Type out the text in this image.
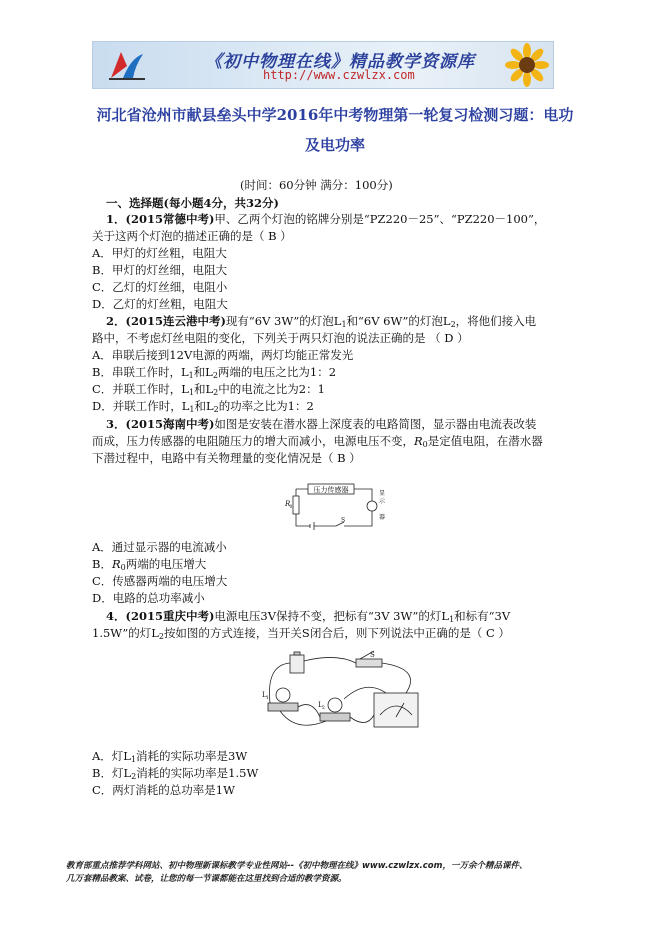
《初中物理在线》精品教学资源库
http://www.czwlzx.com
河北省沧州市献县垒头中学2016年中考物理第一轮复习检测习题：电功
及电功率
(时间：60分钟 满分：100分)
一、选择题(每小题4分，共32分)
1．(2015常德中考)甲、乙两个灯泡的铭牌分别是“PZ220－25”、“PZ220－100”，
关于这两个灯泡的描述正确的是（ B ）
A．甲灯的灯丝粗，电阻大
B．甲灯的灯丝细，电阻大
C．乙灯的灯丝细，电阻小
D．乙灯的灯丝粗，电阻大
2．(2015连云港中考)现有“6V 3W”的灯泡$L_1$和“6V 6W”的灯泡$L_2$，将他们接入电
路中，不考虑灯丝电阻的变化，下列关于两只灯泡的说法正确的是 （ D ）
A．串联后接到12V电源的两端，两灯均能正常发光
B．串联工作时，$L_1$和$L_2$两端的电压之比为1：2
C．并联工作时，$L_1$和$L_2$中的电流之比为2：1
D．并联工作时，$L_1$和$L_2$的功率之比为1：2
3．(2015海南中考)如图是安装在潜水器上深度表的电路简图，显示器由电流表改装
而成，压力传感器的电阻随压力的增大而减小，电源电压不变，$R_0$是定值电阻，在潜水器
下潜过程中，电路中有关物理量的变化情况是（ B ）
压力传感器
R 0
显
示
器
S
A．通过显示器的电流减小
B．$R_0$两端的电压增大
C．传感器两端的电压增大
D．电路的总功率减小
4．(2015重庆中考)电源电压3V保持不变，把标有“3V 3W”的灯$L_1$和标有“3V
1.5W”的灯$L_2$按如图的方式连接，当开关S闭合后，则下列说法中正确的是（ C ）
S
L 1
L 2
A．灯$L_1$消耗的实际功率是3W
B．灯$L_2$消耗的实际功率是1.5W
C．两灯消耗的总功率是1W
教育部重点推荐学科网站、初中物理新课标教学专业性网站--《初中物理在线》www.czwlzx.com，一万余个精品课件、
几万套精品教案、试卷，让您的每一节课都能在这里找到合适的教学资源。
